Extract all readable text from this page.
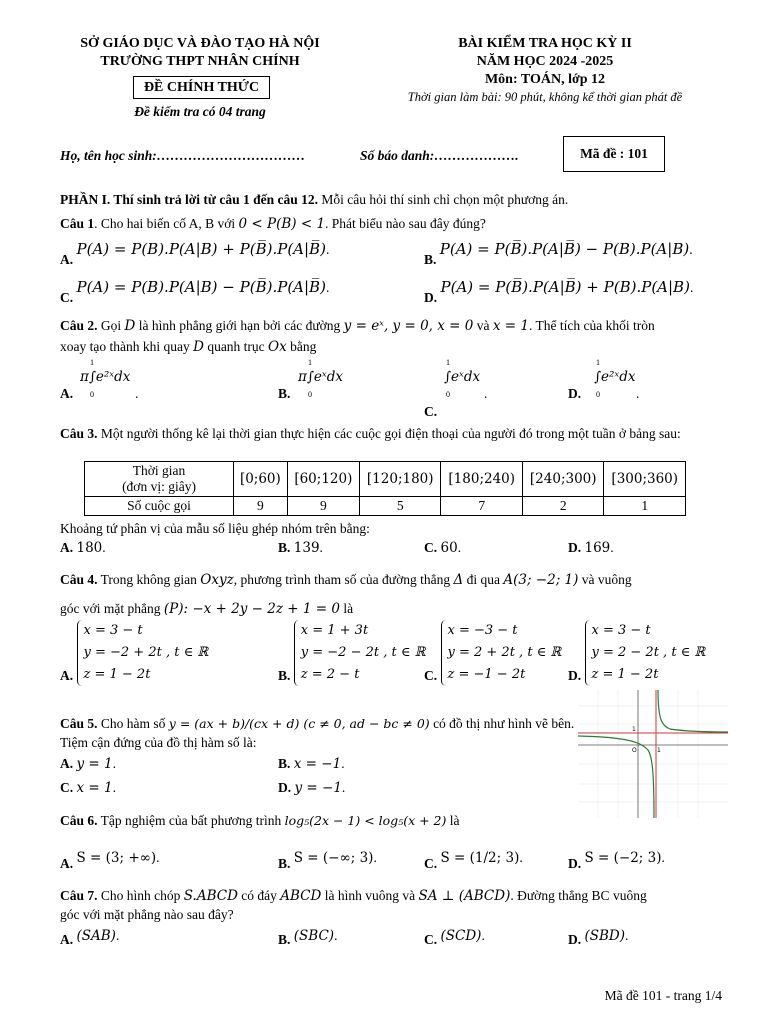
SỞ GIÁO DỤC VÀ ĐÀO TẠO HÀ NỘI
TRƯỜNG THPT NHÂN CHÍNH
ĐỀ CHÍNH THỨC
Đề kiểm tra có 04 trang
BÀI KIỂM TRA HỌC KỲ II
NĂM HỌC 2024 -2025
Môn: TOÁN, lớp 12
Thời gian làm bài: 90 phút, không kể thời gian phát đề
Họ, tên học sinh:……………………………	Số báo danh:……………….	Mã đề : 101
PHẦN I. Thí sinh trả lời từ câu 1 đến câu 12. Mỗi câu hỏi thí sinh chỉ chọn một phương án.
Câu 1. Cho hai biến cố A, B với 0 < P(B) < 1. Phát biểu nào sau đây đúng?
A. P(A) = P(B).P(A|B) + P(B̅).P(A|B̅).
B. P(A) = P(B̅).P(A|B̅) − P(B).P(A|B).
C. P(A) = P(B).P(A|B) − P(B̅).P(A|B̅).
D. P(A) = P(B̅).P(A|B̅) + P(B).P(A|B).
Câu 2. Gọi D là hình phẳng giới hạn bởi các đường y = eˣ, y = 0, x = 0 và x = 1. Thể tích của khối tròn
xoay tạo thành khi quay D quanh trục Ox bằng
A.
1
0
π∫e²ˣdx
.	B.
1
0
π∫eˣdx
C.
1
0
∫eˣdx
.	D.
1
0
∫e²ˣdx
.
Câu 3. Một người thống kê lại thời gian thực hiện các cuộc gọi điện thoại của người đó trong một tuần ở bảng sau:
Thời gian
(đơn vị: giây)	[0;60)	[60;120)	[120;180)	[180;240)	[240;300)	[300;360)
Số cuộc gọi	9	9	5	7	2	1
Khoảng tứ phân vị của mẫu số liệu ghép nhóm trên bằng:
A. 180.	B. 139.	C. 60.	D. 169.
Câu 4. Trong không gian Oxyz, phương trình tham số của đường thẳng Δ đi qua A(3; −2; 1) và vuông
góc với mặt phẳng (P): −x + 2y − 2z + 1 = 0 là
A. x = 3 − t
y = −2 + 2t , t ∈ ℝ
z = 1 − 2t	B. x = 1 + 3t
y = −2 − 2t , t ∈ ℝ
z = 2 − t	C. x = −3 − t
y = 2 + 2t , t ∈ ℝ
z = −1 − 2t	D. x = 3 − t
y = 2 − 2t , t ∈ ℝ
z = 1 − 2t
Câu 5. Cho hàm số y = (ax + b)/(cx + d) (c ≠ 0, ad − bc ≠ 0) có đồ thị như hình vẽ bên.
Tiệm cận đứng của đồ thị hàm số là:
A. y = 1.	B. x = −1.
C. x = 1.	D. y = −1.
O
1
1
Câu 6. Tập nghiệm của bất phương trình log₅(2x − 1) < log₅(x + 2) là
A. S = (3; +∞).	B. S = (−∞; 3).	C. S = (1/2; 3).	D. S = (−2; 3).
Câu 7. Cho hình chóp S.ABCD có đáy ABCD là hình vuông và SA ⊥ (ABCD). Đường thẳng BC vuông
góc với mặt phẳng nào sau đây?
A. (SAB).	B. (SBC).	C. (SCD).	D. (SBD).
Mã đề 101 - trang 1/4
